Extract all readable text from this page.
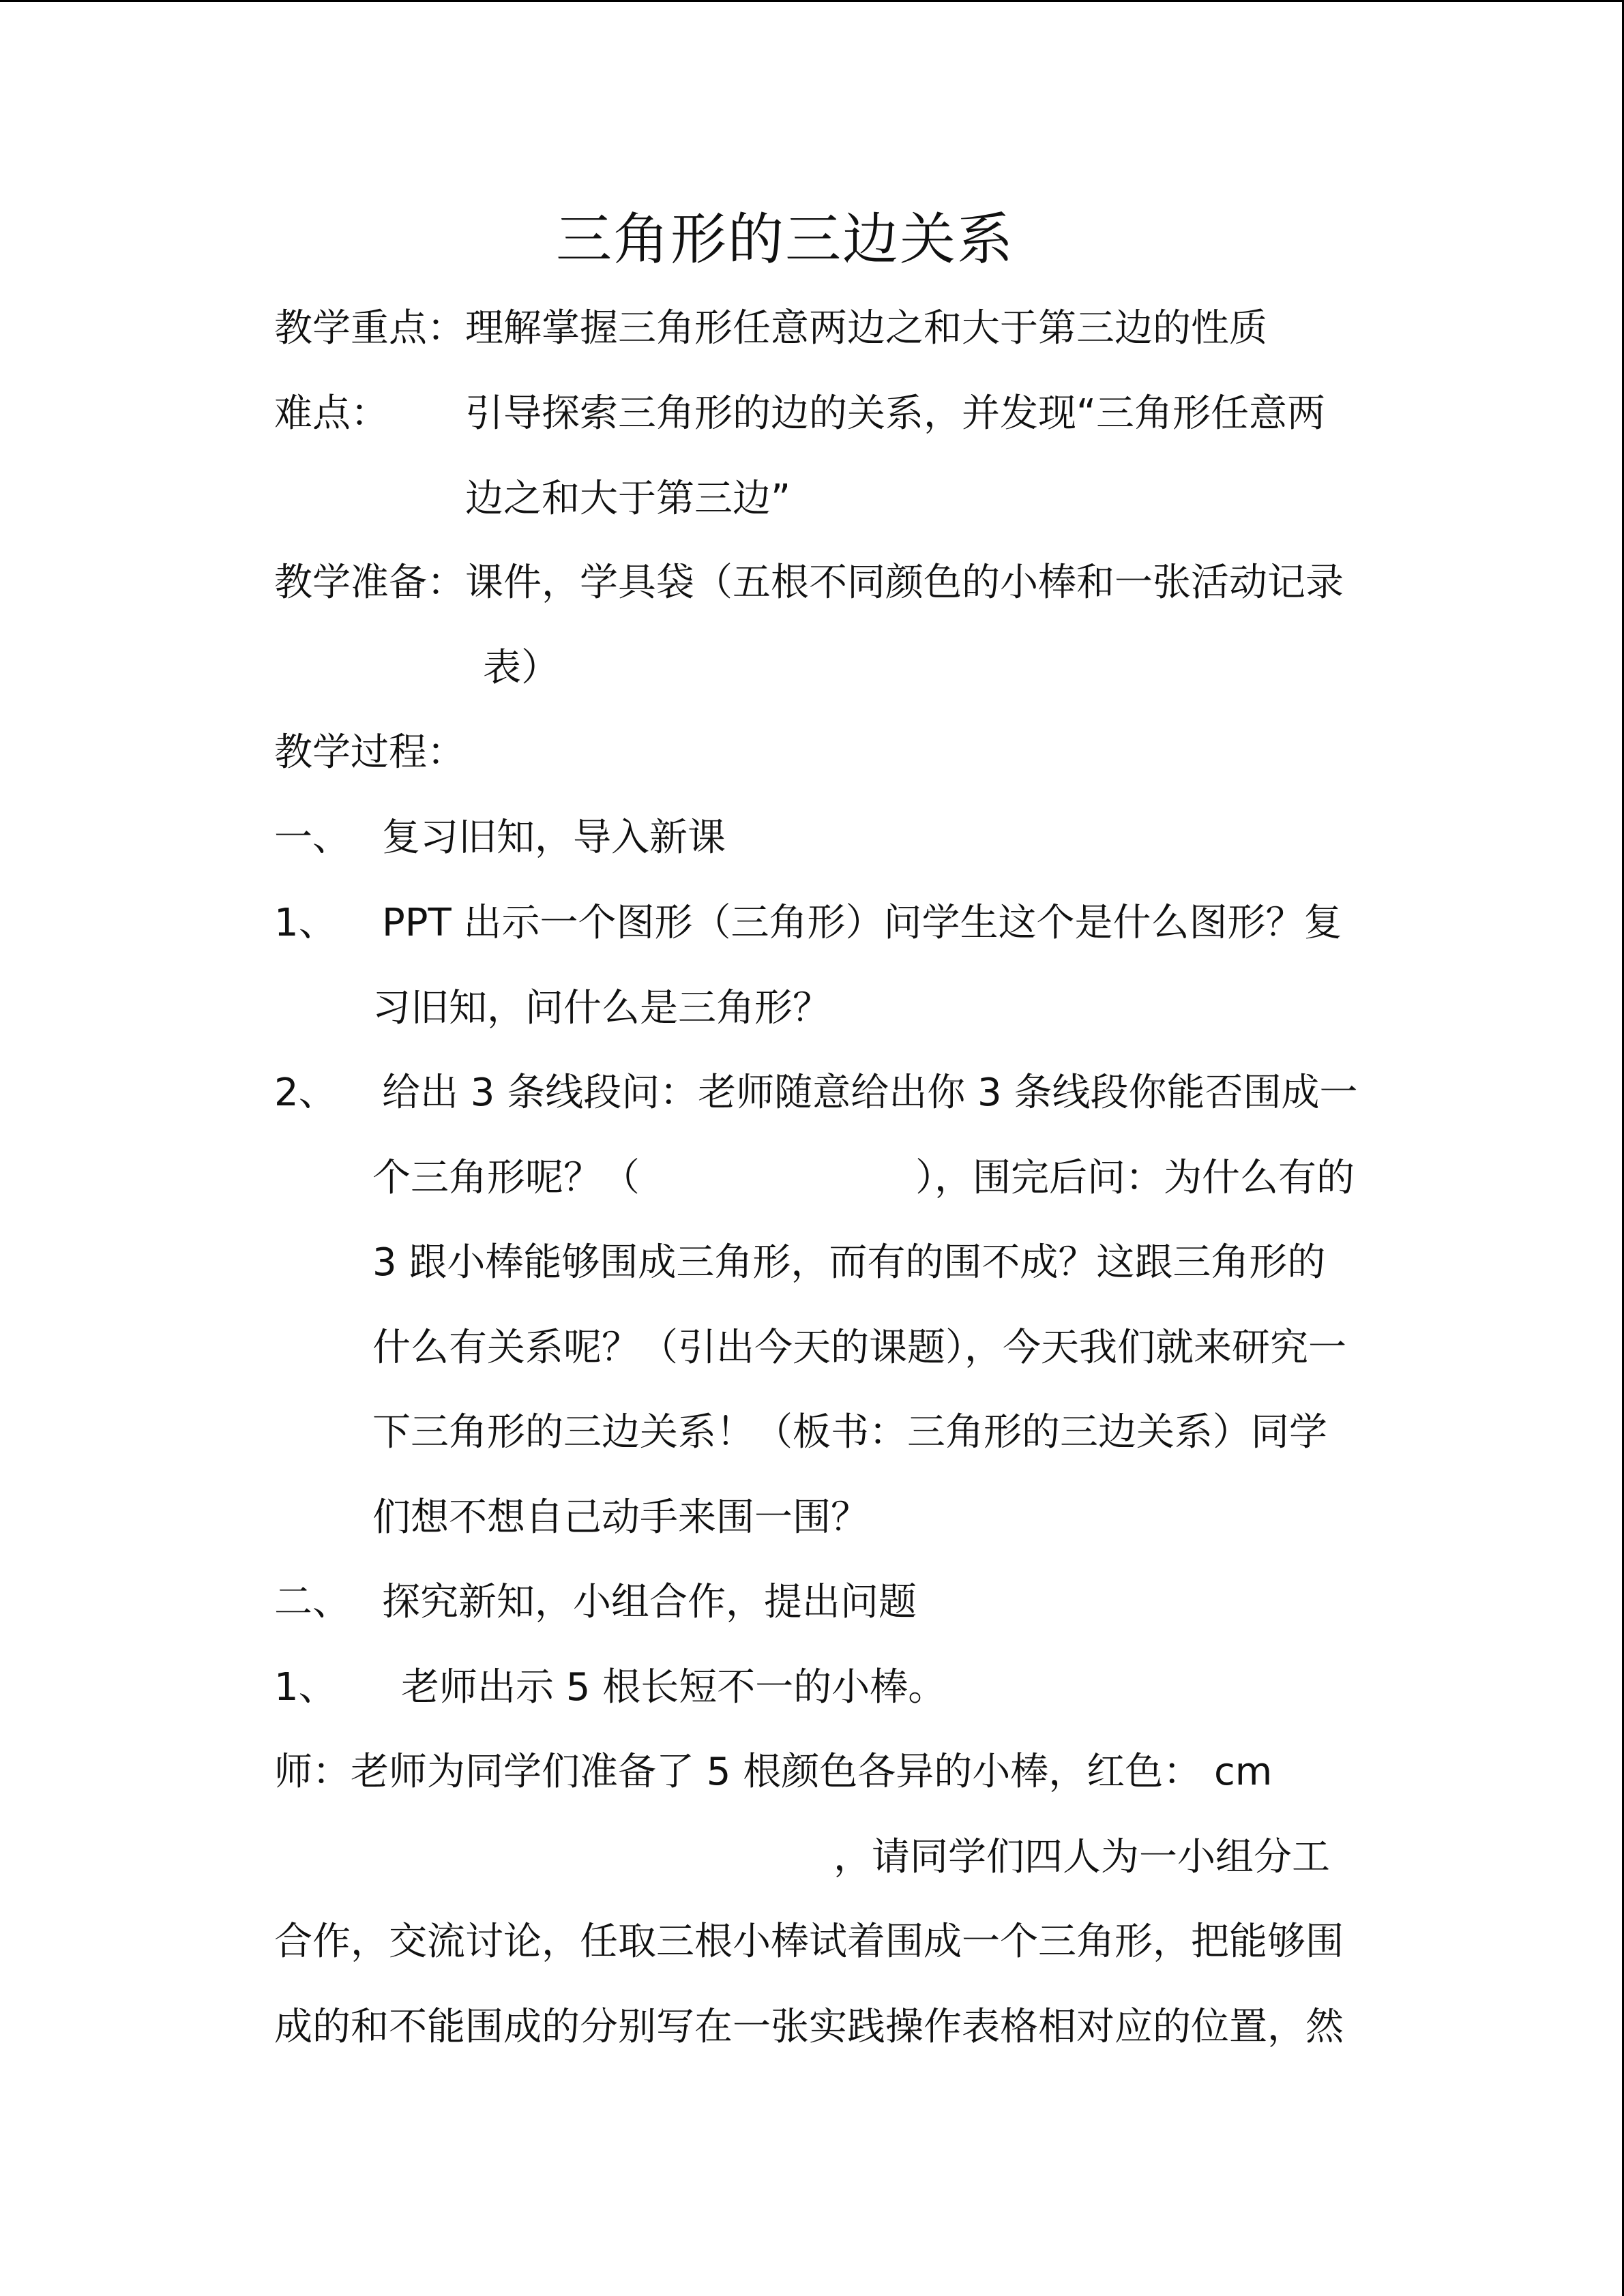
三角形的三边关系
教学重点： 理解掌握三角形任意两边之和大于第三边的性质
难点： 引导探索三角形的边的关系，并发现“三角形任意两
边之和大于第三边”
教学准备： 课件，学具袋（五根不同颜色的小棒和一张活动记录
表）
教学过程：
一、 复习旧知，导入新课
1、 PPT 出示一个图形（三角形）问学生这个是什么图形？复
习旧知，问什么是三角形？
2、 给出 3 条线段问：老师随意给出你 3 条线段你能否围成一
个三角形呢？（	），围完后问：为什么有的
3 跟小棒能够围成三角形，而有的围不成？这跟三角形的
什么有关系呢？（引出今天的课题），今天我们就来研究一
下三角形的三边关系！（板书：三角形的三边关系）同学
们想不想自己动手来围一围？
二、 探究新知，小组合作，提出问题
1、 老师出示 5 根长短不一的小棒。
师：老师为同学们准备了 5 根颜色各异的小棒，红色： cm
，请同学们四人为一小组分工
合作，交流讨论，任取三根小棒试着围成一个三角形，把能够围
成的和不能围成的分别写在一张实践操作表格相对应的位置，然
